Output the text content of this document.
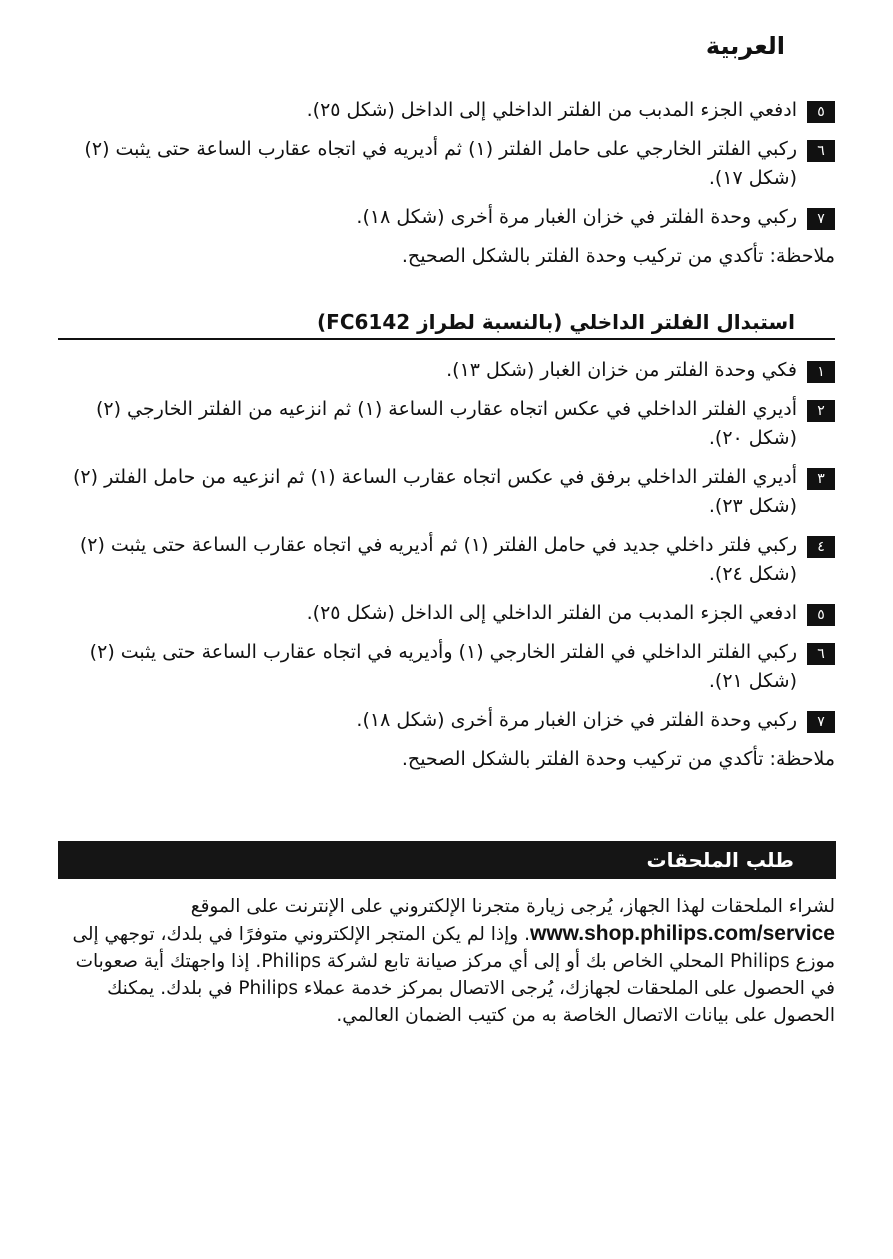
العربية
٥
ادفعي الجزء المدبب من الفلتر الداخلي إلى الداخل (شكل ٢٥).
٦
ركبي الفلتر الخارجي على حامل الفلتر (١) ثم أديريه في اتجاه عقارب الساعة حتى يثبت (٢) (شكل ١٧).
٧
ركبي وحدة الفلتر في خزان الغبار مرة أخرى (شكل ١٨).
ملاحظة: تأكدي من تركيب وحدة الفلتر بالشكل الصحيح.
استبدال الفلتر الداخلي (بالنسبة لطراز FC6142)
١
فكي وحدة الفلتر من خزان الغبار (شكل ١٣).
٢
أديري الفلتر الداخلي في عكس اتجاه عقارب الساعة (١) ثم انزعيه من الفلتر الخارجي (٢) (شكل ٢٠).
٣
أديري الفلتر الداخلي برفق في عكس اتجاه عقارب الساعة (١) ثم انزعيه من حامل الفلتر (٢) (شكل ٢٣).
٤
ركبي فلتر داخلي جديد في حامل الفلتر (١) ثم أديريه في اتجاه عقارب الساعة حتى يثبت (٢) (شكل ٢٤).
٥
ادفعي الجزء المدبب من الفلتر الداخلي إلى الداخل (شكل ٢٥).
٦
ركبي الفلتر الداخلي في الفلتر الخارجي (١) وأديريه في اتجاه عقارب الساعة حتى يثبت (٢) (شكل ٢١).
٧
ركبي وحدة الفلتر في خزان الغبار مرة أخرى (شكل ١٨).
ملاحظة: تأكدي من تركيب وحدة الفلتر بالشكل الصحيح.
طلب الملحقات
لشراء الملحقات لهذا الجهاز، يُرجى زيارة متجرنا الإلكتروني على الإنترنت على الموقع www.shop.philips.com/service. وإذا لم يكن المتجر الإلكتروني متوفرًا في بلدك، توجهي إلى موزع Philips المحلي الخاص بك أو إلى أي مركز صيانة تابع لشركة Philips. إذا واجهتك أية صعوبات في الحصول على الملحقات لجهازك، يُرجى الاتصال بمركز خدمة عملاء Philips في بلدك. يمكنك الحصول على بيانات الاتصال الخاصة به من كتيب الضمان العالمي.
